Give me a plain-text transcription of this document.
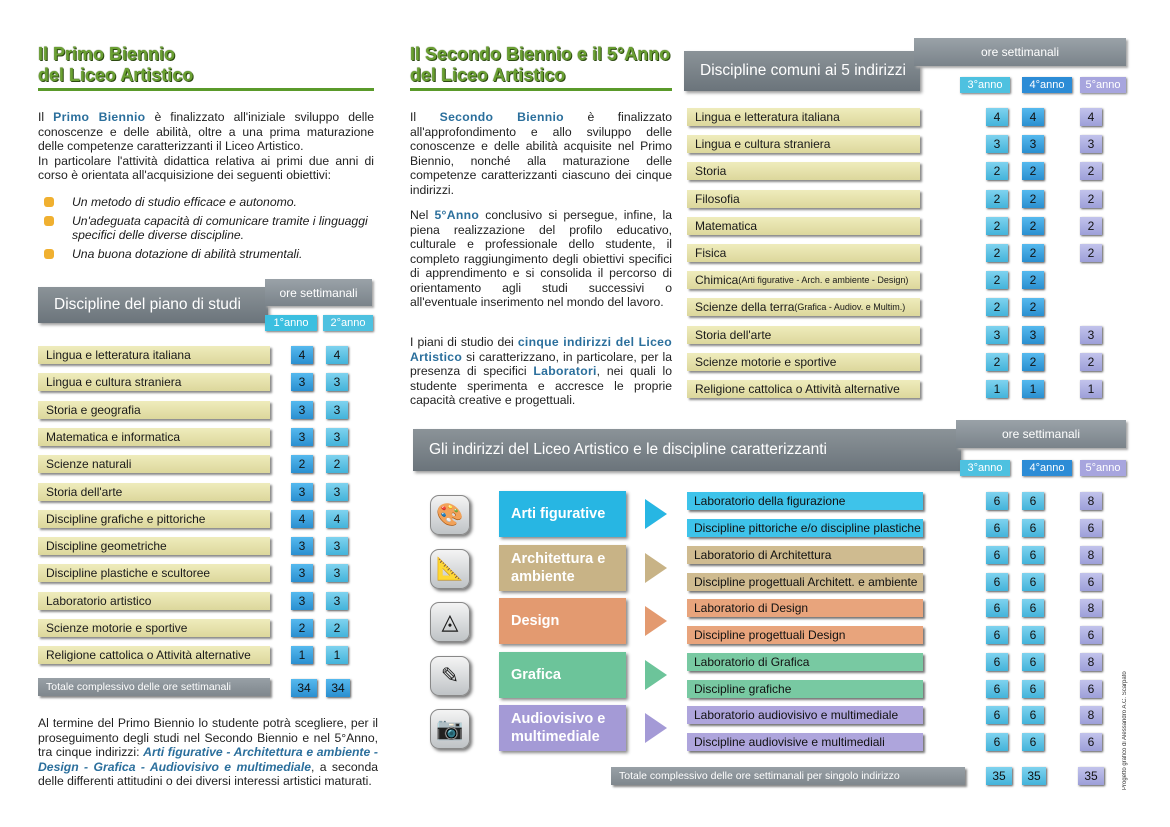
Il Primo Biennio
del Liceo Artistico
Il Primo Biennio è finalizzato all'iniziale sviluppo delle conoscenze e delle abilità, oltre a una prima maturazione delle competenze caratterizzanti il Liceo Artistico.
In particolare l'attività didattica relativa ai primi due anni di corso è orientata all'acquisizione dei seguenti obiettivi:
Un metodo di studio efficace e autonomo.
Un'adeguata capacità di comunicare tramite i linguaggi specifici delle diverse discipline.
Una buona dotazione di abilità strumentali.
Discipline del piano di studi
ore settimanali
1°anno	2°anno
Lingua e letteratura italiana	4	4
Lingua e cultura straniera	3	3
Storia e geografia	3	3
Matematica e informatica	3	3
Scienze naturali	2	2
Storia dell'arte	3	3
Discipline grafiche e pittoriche	4	4
Discipline geometriche	3	3
Discipline plastiche e scultoree	3	3
Laboratorio artistico	3	3
Scienze motorie e sportive	2	2
Religione cattolica o Attività alternative	1	1
Totale complessivo delle ore settimanali	34	34
Al termine del Primo Biennio lo studente potrà scegliere, per il proseguimento degli studi nel Secondo Biennio e nel 5°Anno, tra cinque indirizzi: Arti figurative - Architettura e ambiente - Design - Grafica - Audiovisivo e multimediale, a seconda delle differenti attitudini o dei diversi interessi artistici maturati.
Il Secondo Biennio e il 5°Anno
del Liceo Artistico
Il Secondo Biennio è finalizzato all'approfondimento e allo sviluppo delle conoscenze e delle abilità acquisite nel Primo Biennio, nonché alla maturazione delle competenze caratterizzanti ciascuno dei cinque indirizzi.
Nel 5°Anno conclusivo si persegue, infine, la piena realizzazione del profilo educativo, culturale e professionale dello studente, il completo raggiungimento degli obiettivi specifici di apprendimento e si consolida il percorso di orientamento agli studi successivi o all'eventuale inserimento nel mondo del lavoro.
I piani di studio dei cinque indirizzi del Liceo Artistico si caratterizzano, in particolare, per la presenza di specifici Laboratori, nei quali lo studente sperimenta e accresce le proprie capacità creative e progettuali.
Discipline comuni ai 5 indirizzi
ore settimanali
3°anno	4°anno	5°anno
Lingua e letteratura italiana	4	4	4
Lingua e cultura straniera	3	3	3
Storia	2	2	2
Filosofia	2	2	2
Matematica	2	2	2
Fisica	2	2	2
Chimica (Arti figurative - Arch. e ambiente - Design)	2	2
Scienze della terra (Grafica - Audiov. e Multim.)	2	2
Storia dell'arte	3	3	3
Scienze motorie e sportive	2	2	2
Religione cattolica o Attività alternative	1	1	1
Gli indirizzi del Liceo Artistico e le discipline caratterizzanti
ore settimanali
3°anno	4°anno	5°anno
🎨	Arti figurative
Laboratorio della figurazione	6	6	8
Discipline pittoriche e/o discipline plastiche	6	6	6
📐	Architettura e ambiente
Laboratorio di Architettura	6	6	8
Discipline progettuali Architett. e ambiente	6	6	6
◬	Design
Laboratorio di Design	6	6	8
Discipline progettuali Design	6	6	6
✎	Grafica
Laboratorio di Grafica	6	6	8
Discipline grafiche	6	6	6
📷	Audiovisivo e multimediale
Laboratorio audiovisivo e multimediale	6	6	8
Discipline audiovisive e multimediali	6	6	6
Totale complessivo delle ore settimanali per singolo indirizzo	35	35	35	Progetto grafico di Alessandro A.C. Scarpato
